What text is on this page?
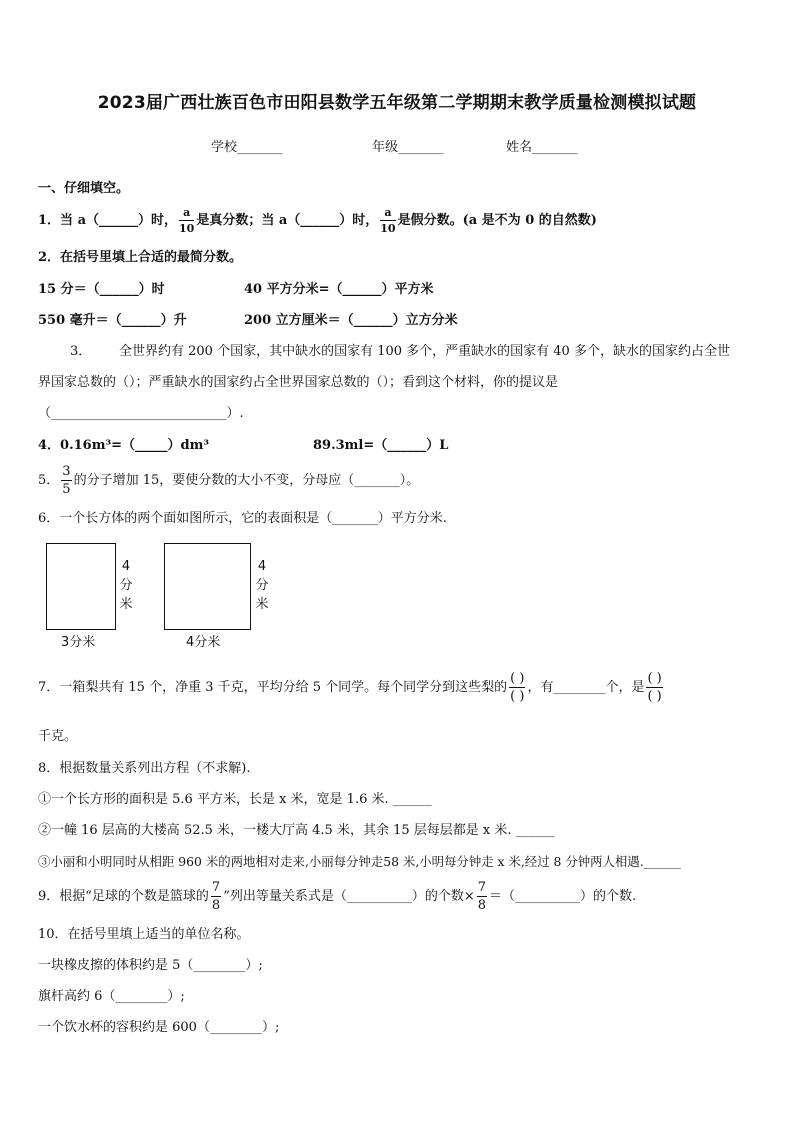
2023届广西壮族百色市田阳县数学五年级第二学期期末教学质量检测模拟试题
学校_______	年级_______	姓名_______
一、仔细填空。
1．当 a（______）时， $\frac{a}{10}$ 是真分数；当 a（______）时， $\frac{a}{10}$ 是假分数。(a 是不为 0 的自然数)
2．在括号里填上合适的最简分数。
15 分＝（______）时	40 平方分米=（______）平方米
550 毫升＝（______）升	200 立方厘米＝（______）立方分米
3． 全世界约有 200 个国家，其中缺水的国家有 100 多个，严重缺水的国家有 40 多个，缺水的国家约占全世
界国家总数的（）；严重缺水的国家约占全世界国家总数的（）；看到这个材料，你的提议是
（___________________________）.
4．0.16m³=（_____）dm³	89.3ml=（______）L
5． $\frac{3}{5}$ 的分子增加 15，要使分数的大小不变，分母应（_______）。
6．一个长方体的两个面如图所示，它的表面积是（_______）平方分米.
4
分
米
3分米
4
分
米
4分米
7．一箱梨共有 15 个，净重 3 千克，平均分给 5 个同学。每个同学分到这些梨的 $\frac{( )}{( )}$ ，有________个，是 $\frac{( )}{( )}$
千克。
8．根据数量关系列出方程（不求解).
①一个长方形的面积是 5.6 平方米，长是 x 米，宽是 1.6 米. ______
②一幢 16 层高的大楼高 52.5 米，一楼大厅高 4.5 米，其余 15 层每层都是 x 米. ______
③小丽和小明同时从相距 960 米的两地相对走来,小丽每分钟走58 米,小明每分钟走 x 米,经过 8 分钟两人相遇.______
9．根据“足球的个数是篮球的 $\frac{7}{8}$ ”列出等量关系式是（__________）的个数× $\frac{7}{8}$ ＝（__________）的个数.
10．在括号里填上适当的单位名称。
一块橡皮擦的体积约是 5（________）;
旗杆高约 6（________）;
一个饮水杯的容积约是 600（________）;
